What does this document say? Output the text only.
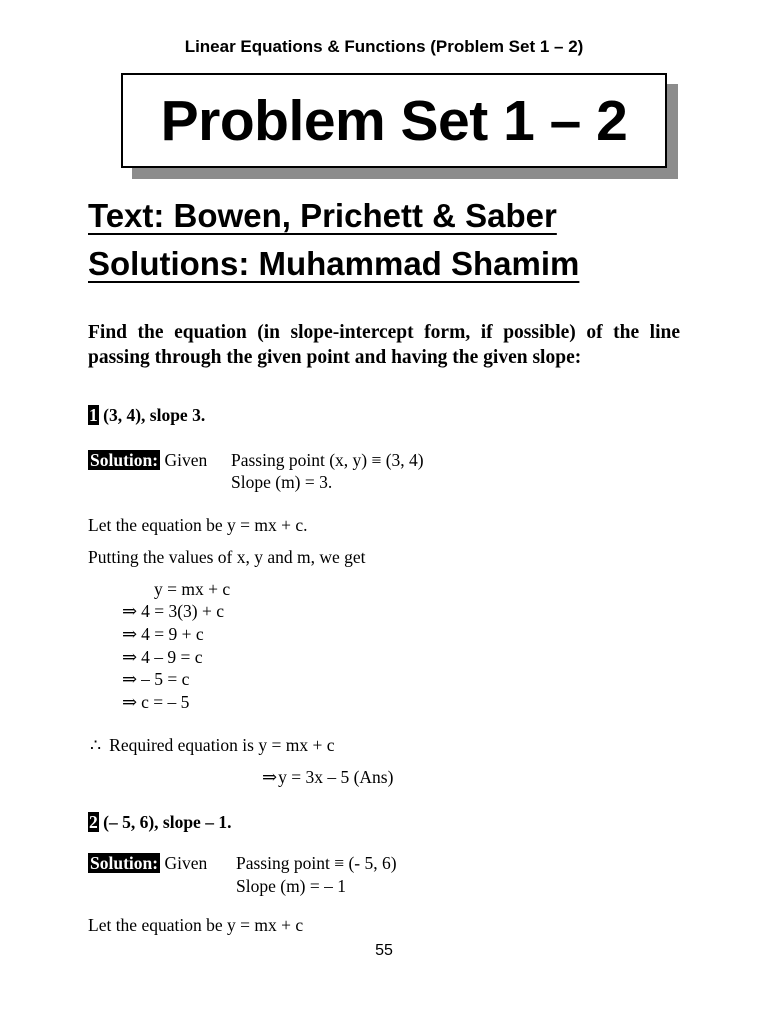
Linear Equations & Functions (Problem Set 1 – 2)
Problem Set 1 – 2
Text: Bowen, Prichett & Saber
Solutions: Muhammad Shamim
Find the equation (in slope-intercept form, if possible) of the line passing through the given point and having the given slope:
1 (3, 4), slope 3.
Solution: Given Passing point (x, y) ≡ (3, 4)
Slope (m) = 3.
Let the equation be y = mx + c.
Putting the values of x, y and m, we get
y = mx + c
⇒ 4 = 3(3) + c
⇒ 4 = 9 + c
⇒ 4 – 9 = c
⇒ – 5 = c
⇒ c = – 5
∴ Required equation is y = mx + c
⇒y = 3x – 5 (Ans)
2 (– 5, 6), slope – 1.
Solution: Given Passing point ≡ (- 5, 6)
Slope (m) = – 1
Let the equation be y = mx + c
55
